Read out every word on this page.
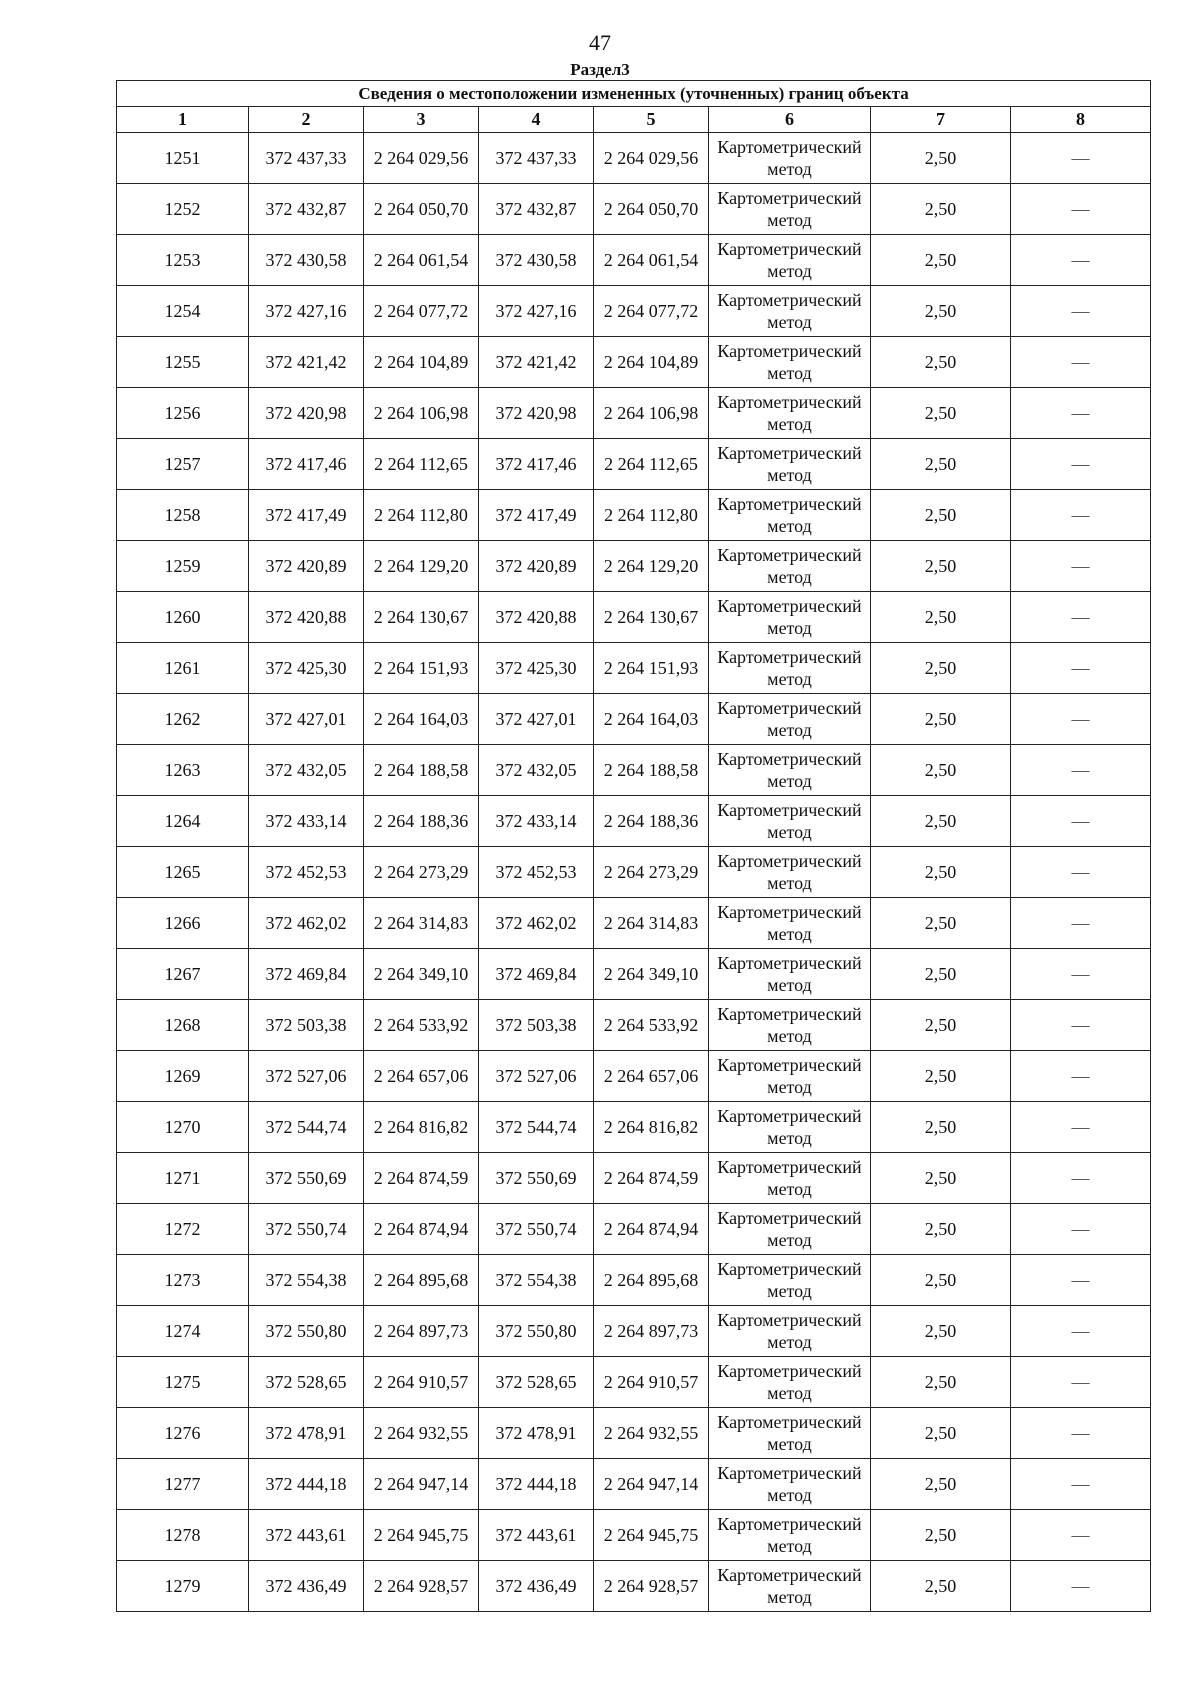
47
Раздел3
Сведения о местоположении измененных (уточненных) границ объекта							
1	2	3	4	5	6	7	8
1251	372 437,33	2 264 029,56	372 437,33	2 264 029,56	Картометрический метод	2,50	—
1252	372 432,87	2 264 050,70	372 432,87	2 264 050,70	Картометрический метод	2,50	—
1253	372 430,58	2 264 061,54	372 430,58	2 264 061,54	Картометрический метод	2,50	—
1254	372 427,16	2 264 077,72	372 427,16	2 264 077,72	Картометрический метод	2,50	—
1255	372 421,42	2 264 104,89	372 421,42	2 264 104,89	Картометрический метод	2,50	—
1256	372 420,98	2 264 106,98	372 420,98	2 264 106,98	Картометрический метод	2,50	—
1257	372 417,46	2 264 112,65	372 417,46	2 264 112,65	Картометрический метод	2,50	—
1258	372 417,49	2 264 112,80	372 417,49	2 264 112,80	Картометрический метод	2,50	—
1259	372 420,89	2 264 129,20	372 420,89	2 264 129,20	Картометрический метод	2,50	—
1260	372 420,88	2 264 130,67	372 420,88	2 264 130,67	Картометрический метод	2,50	—
1261	372 425,30	2 264 151,93	372 425,30	2 264 151,93	Картометрический метод	2,50	—
1262	372 427,01	2 264 164,03	372 427,01	2 264 164,03	Картометрический метод	2,50	—
1263	372 432,05	2 264 188,58	372 432,05	2 264 188,58	Картометрический метод	2,50	—
1264	372 433,14	2 264 188,36	372 433,14	2 264 188,36	Картометрический метод	2,50	—
1265	372 452,53	2 264 273,29	372 452,53	2 264 273,29	Картометрический метод	2,50	—
1266	372 462,02	2 264 314,83	372 462,02	2 264 314,83	Картометрический метод	2,50	—
1267	372 469,84	2 264 349,10	372 469,84	2 264 349,10	Картометрический метод	2,50	—
1268	372 503,38	2 264 533,92	372 503,38	2 264 533,92	Картометрический метод	2,50	—
1269	372 527,06	2 264 657,06	372 527,06	2 264 657,06	Картометрический метод	2,50	—
1270	372 544,74	2 264 816,82	372 544,74	2 264 816,82	Картометрический метод	2,50	—
1271	372 550,69	2 264 874,59	372 550,69	2 264 874,59	Картометрический метод	2,50	—
1272	372 550,74	2 264 874,94	372 550,74	2 264 874,94	Картометрический метод	2,50	—
1273	372 554,38	2 264 895,68	372 554,38	2 264 895,68	Картометрический метод	2,50	—
1274	372 550,80	2 264 897,73	372 550,80	2 264 897,73	Картометрический метод	2,50	—
1275	372 528,65	2 264 910,57	372 528,65	2 264 910,57	Картометрический метод	2,50	—
1276	372 478,91	2 264 932,55	372 478,91	2 264 932,55	Картометрический метод	2,50	—
1277	372 444,18	2 264 947,14	372 444,18	2 264 947,14	Картометрический метод	2,50	—
1278	372 443,61	2 264 945,75	372 443,61	2 264 945,75	Картометрический метод	2,50	—
1279	372 436,49	2 264 928,57	372 436,49	2 264 928,57	Картометрический метод	2,50	—
